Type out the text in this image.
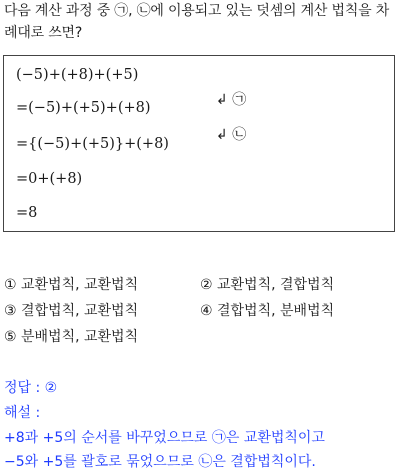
다음 계산 과정 중 ㉠, ㉡에 이용되고 있는 덧셈의 계산 법칙을 차
례대로 쓰면?
(−5)+(+8)+(+5)
=(−5)+(+5)+(+8)
={(−5)+(+5)}+(+8)
=0+(+8)
=8
↲ ㉠
↲ ㉡
① 교환법칙, 교환법칙	② 교환법칙, 결합법칙
③ 결합법칙, 교환법칙	④ 결합법칙, 분배법칙
⑤ 분배법칙, 교환법칙
정답 : ②
해설 :
+8과 +5의 순서를 바꾸었으므로 ㉠은 교환법칙이고
−5와 +5를 괄호로 묶었으므로 ㉡은 결합법칙이다.
